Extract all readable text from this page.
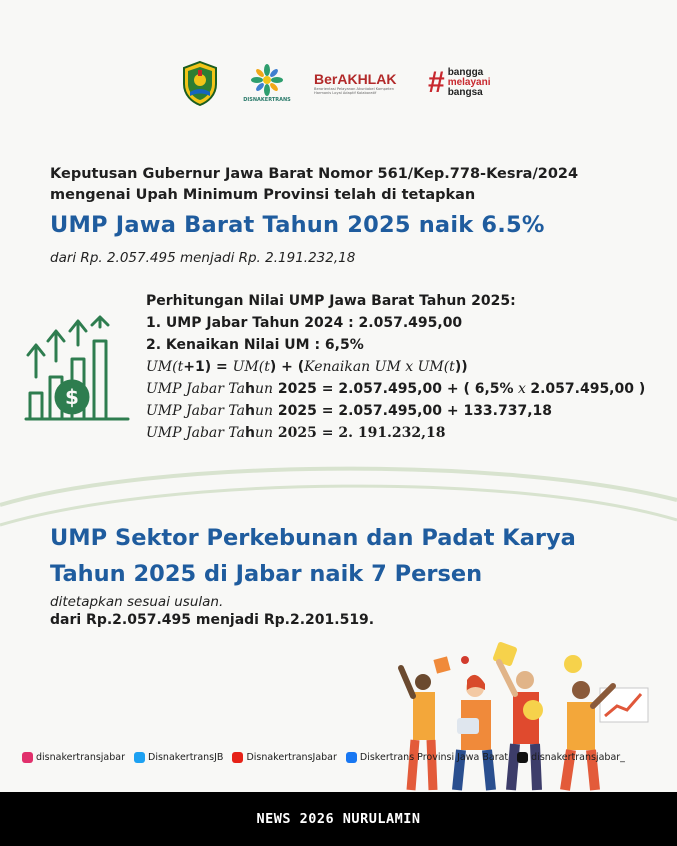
DISNAKERTRANS
BerAKHLAK
Berorientasi Pelayanan Akuntabel Kompeten Harmonis Loyal Adaptif Kolaboratif	# bangga
melayani
bangsa
Keputusan Gubernur Jawa Barat Nomor 561/Kep.778-Kesra/2024
mengenai Upah Minimum Provinsi telah di tetapkan
UMP Jawa Barat Tahun 2025 naik 6.5%
dari Rp. 2.057.495 menjadi Rp. 2.191.232,18
$
Perhitungan Nilai UMP Jawa Barat Tahun 2025:
1. UMP Jabar Tahun 2024 : 2.057.495,00
2. Kenaikan Nilai UM : 6,5%
UM(t+1) = UM(t) + (Kenaikan UM x UM(t))
UMP Jabar Tahun 2025 = 2.057.495,00 + ( 6,5% x 2.057.495,00 )
UMP Jabar Tahun 2025 = 2.057.495,00 + 133.737,18
UMP Jabar Tahun 2025 = 2. 191.232,18
UMP Sektor Perkebunan dan Padat Karya
Tahun 2025 di Jabar naik 7 Persen
ditetapkan sesuai usulan.
dari Rp.2.057.495 menjadi Rp.2.201.519.
disnakertransjabar DisnakertransJB DisnakertransJabar Diskertrans Provinsi Jawa Barat disnakertransjabar_
NEWS 2026 NURULAMIN
